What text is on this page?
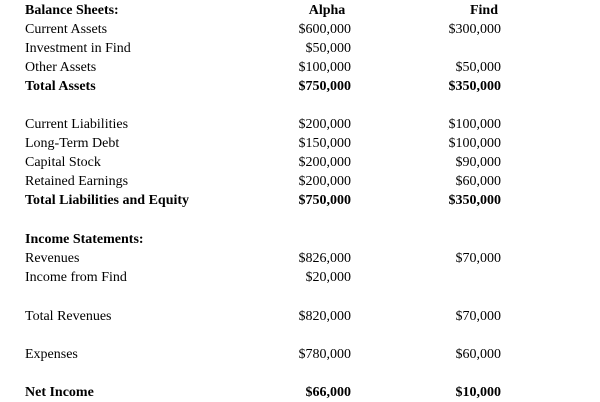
Balance Sheets:	Alpha	Find
Current Assets	$600,000	$300,000
Investment in Find	$50,000
Other Assets	$100,000	$50,000
Total Assets	$750,000	$350,000
Current Liabilities	$200,000	$100,000
Long-Term Debt	$150,000	$100,000
Capital Stock	$200,000	$90,000
Retained Earnings	$200,000	$60,000
Total Liabilities and Equity	$750,000	$350,000
Income Statements:
Revenues	$826,000	$70,000
Income from Find	$20,000
Total Revenues	$820,000	$70,000
Expenses	$780,000	$60,000
Net Income	$66,000	$10,000
